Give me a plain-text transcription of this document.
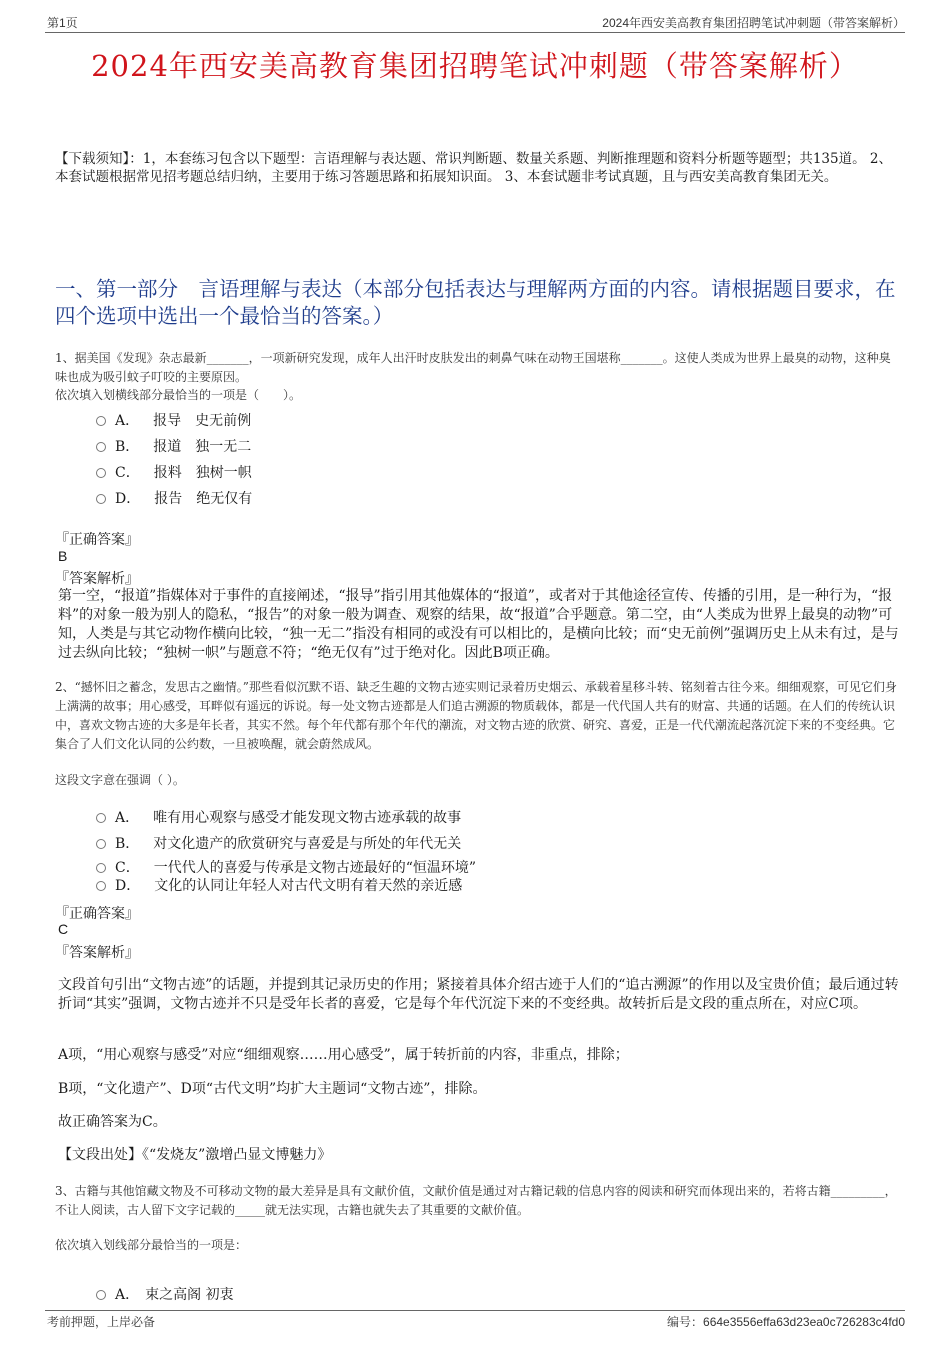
第1页	2024年西安美高教育集团招聘笔试冲刺题（带答案解析）
2024年西安美高教育集团招聘笔试冲刺题（带答案解析）
【下载须知】：1，本套练习包含以下题型：言语理解与表达题、常识判断题、数量关系题、判断推理题和资料分析题等题型；共135道。 2、本套试题根据常见招考题总结归纳，主要用于练习答题思路和拓展知识面。 3、本套试题非考试真题，且与西安美高教育集团无关。
一、第一部分　言语理解与表达（本部分包括表达与理解两方面的内容。请根据题目要求，在四个选项中选出一个最恰当的答案。）
1、据美国《发现》杂志最新_______，一项新研究发现，成年人出汗时皮肤发出的刺鼻气味在动物王国堪称_______。这使人类成为世界上最臭的动物，这种臭味也成为吸引蚊子叮咬的主要原因。
依次填入划横线部分最恰当的一项是（　　）。
A． 报导　史无前例
B． 报道　独一无二
C． 报料　独树一帜
D． 报告　绝无仅有
『正确答案』
B
『答案解析』
第一空，“报道”指媒体对于事件的直接阐述，“报导”指引用其他媒体的“报道”，或者对于其他途径宣传、传播的引用，是一种行为，“报料”的对象一般为别人的隐私，“报告”的对象一般为调查、观察的结果，故“报道”合乎题意。第二空，由“人类成为世界上最臭的动物”可知，人类是与其它动物作横向比较，“独一无二”指没有相同的或没有可以相比的，是横向比较；而“史无前例”强调历史上从未有过，是与过去纵向比较；“独树一帜”与题意不符；“绝无仅有”过于绝对化。因此B项正确。
2、“撼怀旧之蓄念，发思古之幽情。”那些看似沉默不语、缺乏生趣的文物古迹实则记录着历史烟云、承载着星移斗转、铭刻着古往今来。细细观察，可见它们身上满满的故事；用心感受，耳畔似有遥远的诉说。每一处文物古迹都是人们追古溯源的物质载体，都是一代代国人共有的财富、共通的话题。在人们的传统认识中，喜欢文物古迹的大多是年长者，其实不然。每个年代都有那个年代的潮流，对文物古迹的欣赏、研究、喜爱，正是一代代潮流起落沉淀下来的不变经典。它集合了人们文化认同的公约数，一旦被唤醒，就会蔚然成风。
这段文字意在强调（ ）。
A． 唯有用心观察与感受才能发现文物古迹承载的故事
B． 对文化遗产的欣赏研究与喜爱是与所处的年代无关
C． 一代代人的喜爱与传承是文物古迹最好的“恒温环境”
D． 文化的认同让年轻人对古代文明有着天然的亲近感
『正确答案』
C
『答案解析』
文段首句引出“文物古迹”的话题，并提到其记录历史的作用；紧接着具体介绍古迹于人们的“追古溯源”的作用以及宝贵价值；最后通过转折词“其实”强调，文物古迹并不只是受年长者的喜爱，它是每个年代沉淀下来的不变经典。故转折后是文段的重点所在，对应C项。
A项，“用心观察与感受”对应“细细观察……用心感受”，属于转折前的内容，非重点，排除；
B项，“文化遗产”、D项“古代文明”均扩大主题词“文物古迹”，排除。
故正确答案为C。
【文段出处】《“发烧友”激增凸显文博魅力》
3、古籍与其他馆藏文物及不可移动文物的最大差异是具有文献价值，文献价值是通过对古籍记载的信息内容的阅读和研究而体现出来的，若将古籍_________，不让人阅读，古人留下文字记载的_____就无法实现，古籍也就失去了其重要的文献价值。
依次填入划线部分最恰当的一项是：
A． 束之高阁 初衷
考前押题，上岸必备	编号：664e3556effa63d23ea0c726283c4fd0
